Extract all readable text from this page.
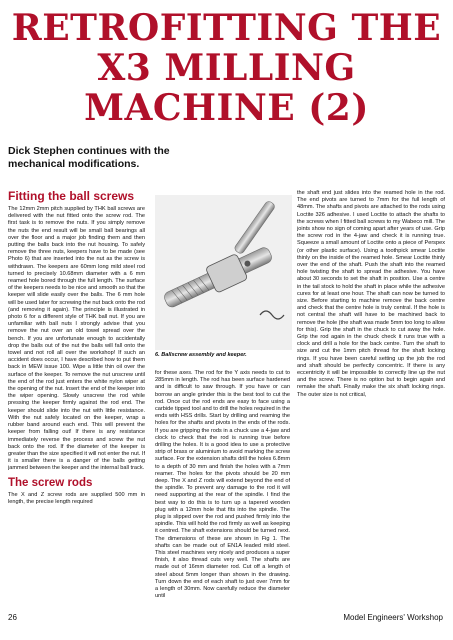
RETROFITTING THE
X3 MILLING
MACHINE (2)
Dick Stephen continues with the mechanical modifications.
Fitting the ball screws

The 12mm 2mm pitch supplied by THK ball screws are delivered with the nut fitted onto the screw rod. The first task is to remove the nuts. If you simply remove the nuts the end result will be small ball bearings all over the floor and a major job finding them and then putting the balls back into the nut housing. To safely remove the three nuts, keepers have to be made (see Photo 6) that are inserted into the nut as the screw is withdrawn. The keepers are 60mm long mild steel rod turned to precisely 10.68mm diameter with a 6 mm reamed hole bored through the full length. The surface of the keepers needs to be nice and smooth so that the keeper will slide easily over the balls. The 6 mm hole will be used later for screwing the nut back onto the rod (and removing it again). The principle is illustrated in photo 6 for a different style of THK ball nut. If you are unfamiliar with ball nuts I strongly advise that you remove the nut over an old towel spread over the bench. If you are unfortunate enough to accidentally drop the balls out of the nut the balls will fall onto the towel and not roll all over the workshop! If such an accident does occur, I have described how to put them back in MEW issue 100. Wipe a little thin oil over the surface of the keeper. To remove the nut unscrew until the end of the rod just enters the white nylon wiper at the opening of the nut. Insert the end of the keeper into the wiper opening. Slowly unscrew the rod while pressing the keeper firmly against the rod end. The keeper should slide into the nut with little resistance. With the nut safely located on the keeper, wrap a rubber band around each end. This will prevent the keeper from falling out! If there is any resistance immediately reverse the process and screw the nut back onto the rod. If the diameter of the keeper is greater than the size specified it will not enter the nut. If it is smaller there is a danger of the balls getting jammed between the keeper and the internal ball track.

The screw rods

The X and Z screw rods are supplied 500 mm in length, the precise length required

6. Ballscrew assembly and keeper.

for these axes. The rod for the Y axis needs to cut to 285mm in length. The rod has been surface hardened and is difficult to saw through. If you have or can borrow an angle grinder this is the best tool to cut the rod. Once cut the rod ends are easy to face using a carbide tipped tool and to drill the holes required in the ends with HSS drills. Start by drilling and reaming the holes for the shafts and pivots in the ends of the rods. If you are gripping the rods in a chuck use a 4-jaw and clock to check that the rod is running true before drilling the holes. It is a good idea to use a protective strip of brass or aluminium to avoid marking the screw surface. For the extension shafts drill the holes 6.8mm to a depth of 30 mm and finish the holes with a 7mm reamer. The holes for the pivots should be 20 mm deep. The X and Z rods will extend beyond the end of the spindle. To prevent any damage to the rod it will need supporting at the rear of the spindle. I find the best way to do this is to turn up a tapered wooden plug with a 12mm hole that fits into the spindle. The plug is slipped over the rod and pushed firmly into the spindle. This will hold the rod firmly as well as keeping it centred. The shaft extensions should be turned next. The dimensions of these are shown in Fig 1. The shafts can be made out of EN1A leaded mild steel. This steel machines very nicely and produces a super finish, it also thread cuts very well. The shafts are made out of 16mm diameter rod. Cut off a length of steel about 5mm longer than shown in the drawing. Turn down the end of each shaft to just over 7mm for a length of 30mm. Now carefully reduce the diameter until

the shaft end just slides into the reamed hole in the rod. The end pivots are turned to 7mm for the full length of 48mm. The shafts and pivots are attached to the rods using Loctite 326 adhesive. I used Loctite to attach the shafts to the screws when I fitted ball screws to my Wabeco mill. The joints show no sign of coming apart after years of use. Grip the screw rod in the 4-jaw and check it is running true. Squeeze a small amount of Loctite onto a piece of Perspex (or other plastic surface). Using a toothpick smear Loctite thinly on the inside of the reamed hole. Smear Loctite thinly over the end of the shaft. Push the shaft into the reamed hole twisting the shaft to spread the adhesive. You have about 30 seconds to set the shaft in position. Use a centre in the tail stock to hold the shaft in place while the adhesive cures for at least one hour. The shaft can now be turned to size. Before starting to machine remove the back centre and check that the centre hole is truly central. If the hole is not central the shaft will have to be machined back to remove the hole (the shaft was made 5mm too long to allow for this). Grip the shaft in the chuck to cut away the hole. Grip the rod again in the chuck check it runs true with a clock and drill a hole for the back centre. Turn the shaft to size and cut the 1mm pitch thread for the shaft locking rings. If you have been careful setting up the job the rod and shaft should be perfectly concentric. If there is any eccentricity it will be impossible to correctly line up the nut and the screw. There is no option but to begin again and remake the shaft. Finally make the six shaft locking rings. The outer size is not critical,

26	Model Engineers' Workshop
